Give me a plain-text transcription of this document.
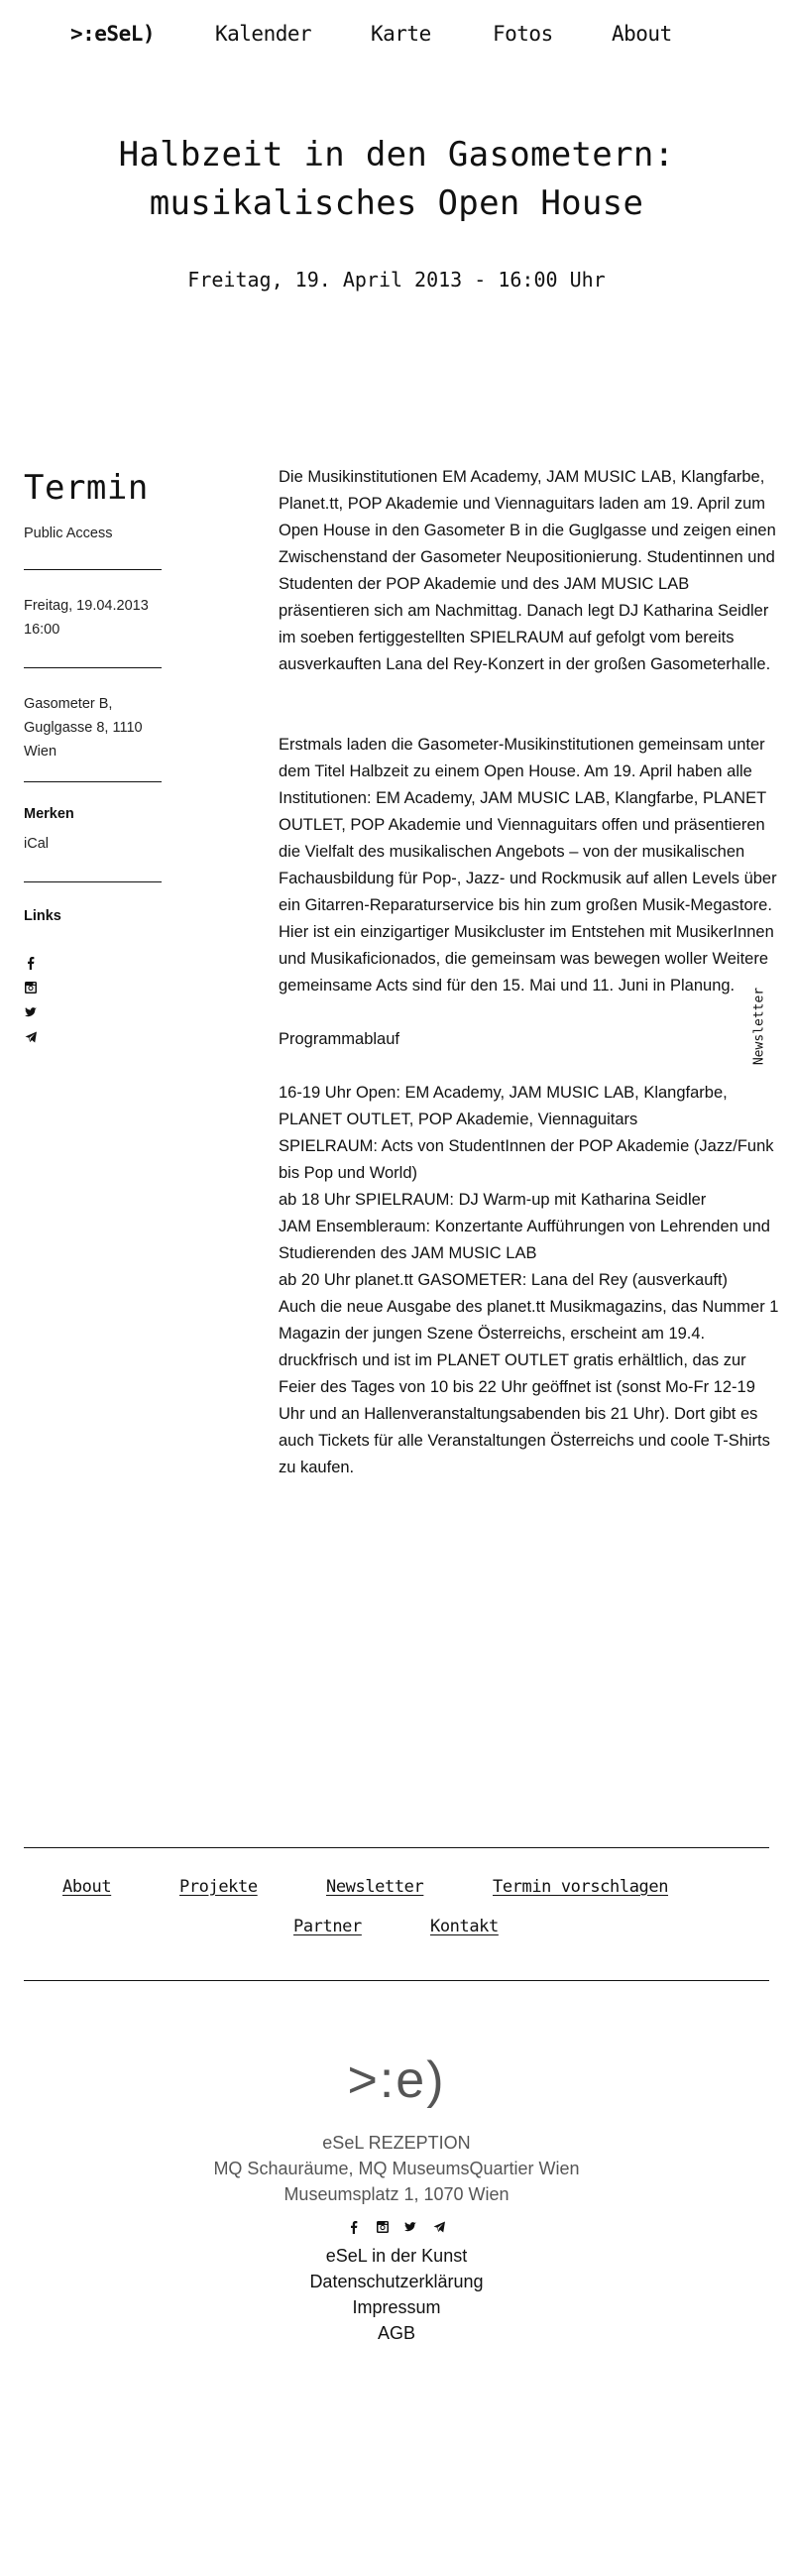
>:eSeL)	Kalender	Karte	Fotos	About
Halbzeit in den Gasometern: musikalisches Open House
Freitag, 19. April 2013 - 16:00 Uhr
Termin
Public Access
Freitag, 19.04.2013
16:00
Gasometer B,
Guglgasse 8, 1110
Wien
Merken
iCal
Links

Die Musikinstitutionen EM Academy, JAM MUSIC LAB, Klangfarbe, Planet.tt, POP Akademie und Viennaguitars laden am 19. April zum Open House in den Gasometer B in die Guglgasse und zeigen einen Zwischenstand der Gasometer Neupositionierung. Studentinnen und Studenten der POP Akademie und des JAM MUSIC LAB präsentieren sich am Nachmittag. Danach legt DJ Katharina Seidler im soeben fertiggestellten SPIELRAUM auf gefolgt vom bereits ausverkauften Lana del Rey-Konzert in der großen Gasometerhalle.

Erstmals laden die Gasometer-Musikinstitutionen gemeinsam unter dem Titel Halbzeit zu einem Open House. Am 19. April haben alle Institutionen: EM Academy, JAM MUSIC LAB, Klangfarbe, PLANET OUTLET, POP Akademie und Viennaguitars offen und präsentieren die Vielfalt des musikalischen Angebots – von der musikalischen Fachausbildung für Pop-, Jazz- und Rockmusik auf allen Levels über ein Gitarren-Reparaturservice bis hin zum großen Musik-Megastore. Hier ist ein einzigartiger Musikcluster im Entstehen mit MusikerInnen und Musikaficionados, die gemeinsam was bewegen woller Weitere gemeinsame Acts sind für den 15. Mai und 11. Juni in Planung.

Programmablauf

16-19 Uhr Open: EM Academy, JAM MUSIC LAB, Klangfarbe, PLANET OUTLET, POP Akademie, Viennaguitars

SPIELRAUM: Acts von StudentInnen der POP Akademie (Jazz/Funk bis Pop und World)

ab 18 Uhr SPIELRAUM: DJ Warm-up mit Katharina Seidler

JAM Ensembleraum: Konzertante Aufführungen von Lehrenden und Studierenden des JAM MUSIC LAB

ab 20 Uhr planet.tt GASOMETER: Lana del Rey (ausverkauft)

Auch die neue Ausgabe des planet.tt Musikmagazins, das Nummer 1 Magazin der jungen Szene Österreichs, erscheint am 19.4. druckfrisch und ist im PLANET OUTLET gratis erhältlich, das zur Feier des Tages von 10 bis 22 Uhr geöffnet ist (sonst Mo-Fr 12-19 Uhr und an Hallenveranstaltungsabenden bis 21 Uhr). Dort gibt es auch Tickets für alle Veranstaltungen Österreichs und coole T-Shirts zu kaufen.

Newsletter
About	Projekte	Newsletter	Termin vorschlagen
Partner	Kontakt
>:e)
eSeL REZEPTION
MQ Schauräume, MQ MuseumsQuartier Wien
Museumsplatz 1, 1070 Wien

eSeL in der Kunst
Datenschutzerklärung
Impressum
AGB
